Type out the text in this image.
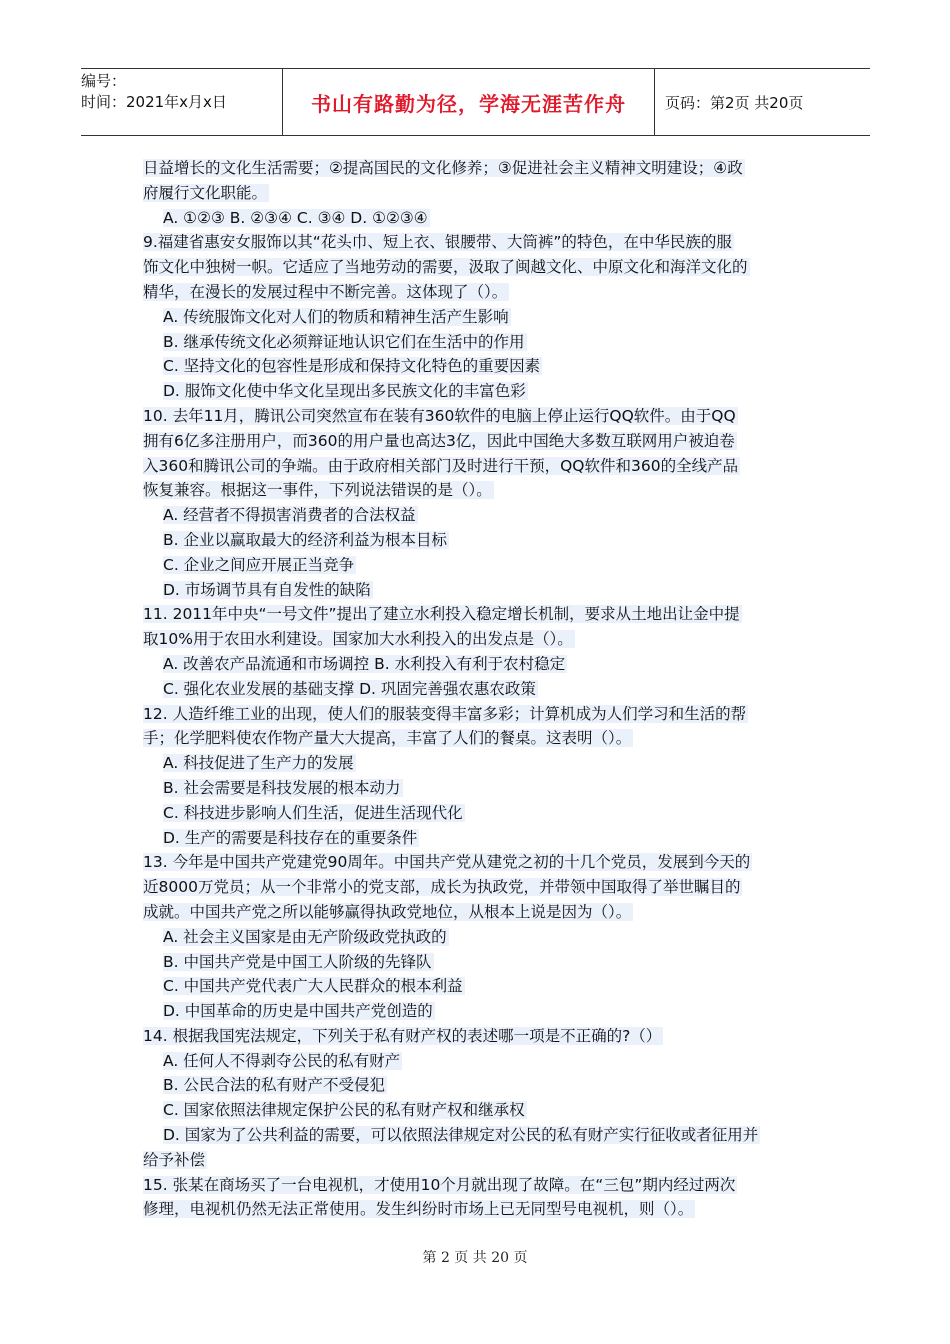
编号：
时间：2021年x月x日	书山有路勤为径，学海无涯苦作舟	页码：第2页 共20页
日益增长的文化生活需要；②提高国民的文化修养；③促进社会主义精神文明建设；④政
府履行文化职能。
A. ①②③ B. ②③④ C. ③④ D. ①②③④
9.福建省惠安女服饰以其“花头巾、短上衣、银腰带、大筒裤”的特色，在中华民族的服
饰文化中独树一帜。它适应了当地劳动的需要，汲取了闽越文化、中原文化和海洋文化的
精华，在漫长的发展过程中不断完善。这体现了（）。
A. 传统服饰文化对人们的物质和精神生活产生影响
B. 继承传统文化必须辩证地认识它们在生活中的作用
C. 坚持文化的包容性是形成和保持文化特色的重要因素
D. 服饰文化使中华文化呈现出多民族文化的丰富色彩
10. 去年11月，腾讯公司突然宣布在装有360软件的电脑上停止运行QQ软件。由于QQ
拥有6亿多注册用户，而360的用户量也高达3亿，因此中国绝大多数互联网用户被迫卷
入360和腾讯公司的争端。由于政府相关部门及时进行干预，QQ软件和360的全线产品
恢复兼容。根据这一事件，下列说法错误的是（）。
A. 经营者不得损害消费者的合法权益
B. 企业以赢取最大的经济利益为根本目标
C. 企业之间应开展正当竞争
D. 市场调节具有自发性的缺陷
11. 2011年中央“一号文件”提出了建立水利投入稳定增长机制，要求从土地出让金中提
取10%用于农田水利建设。国家加大水利投入的出发点是（）。
A. 改善农产品流通和市场调控 B. 水利投入有利于农村稳定
C. 强化农业发展的基础支撑 D. 巩固完善强农惠农政策
12. 人造纤维工业的出现，使人们的服装变得丰富多彩；计算机成为人们学习和生活的帮
手；化学肥料使农作物产量大大提高，丰富了人们的餐桌。这表明（）。
A. 科技促进了生产力的发展
B. 社会需要是科技发展的根本动力
C. 科技进步影响人们生活，促进生活现代化
D. 生产的需要是科技存在的重要条件
13. 今年是中国共产党建党90周年。中国共产党从建党之初的十几个党员，发展到今天的
近8000万党员；从一个非常小的党支部，成长为执政党，并带领中国取得了举世瞩目的
成就。中国共产党之所以能够赢得执政党地位，从根本上说是因为（）。
A. 社会主义国家是由无产阶级政党执政的
B. 中国共产党是中国工人阶级的先锋队
C. 中国共产党代表广大人民群众的根本利益
D. 中国革命的历史是中国共产党创造的
14. 根据我国宪法规定，下列关于私有财产权的表述哪一项是不正确的?（）
A. 任何人不得剥夺公民的私有财产
B. 公民合法的私有财产不受侵犯
C. 国家依照法律规定保护公民的私有财产权和继承权
D. 国家为了公共利益的需要，可以依照法律规定对公民的私有财产实行征收或者征用并
给予补偿
15. 张某在商场买了一台电视机，才使用10个月就出现了故障。在“三包”期内经过两次
修理，电视机仍然无法正常使用。发生纠纷时市场上已无同型号电视机，则（）。
第 2 页 共 20 页
